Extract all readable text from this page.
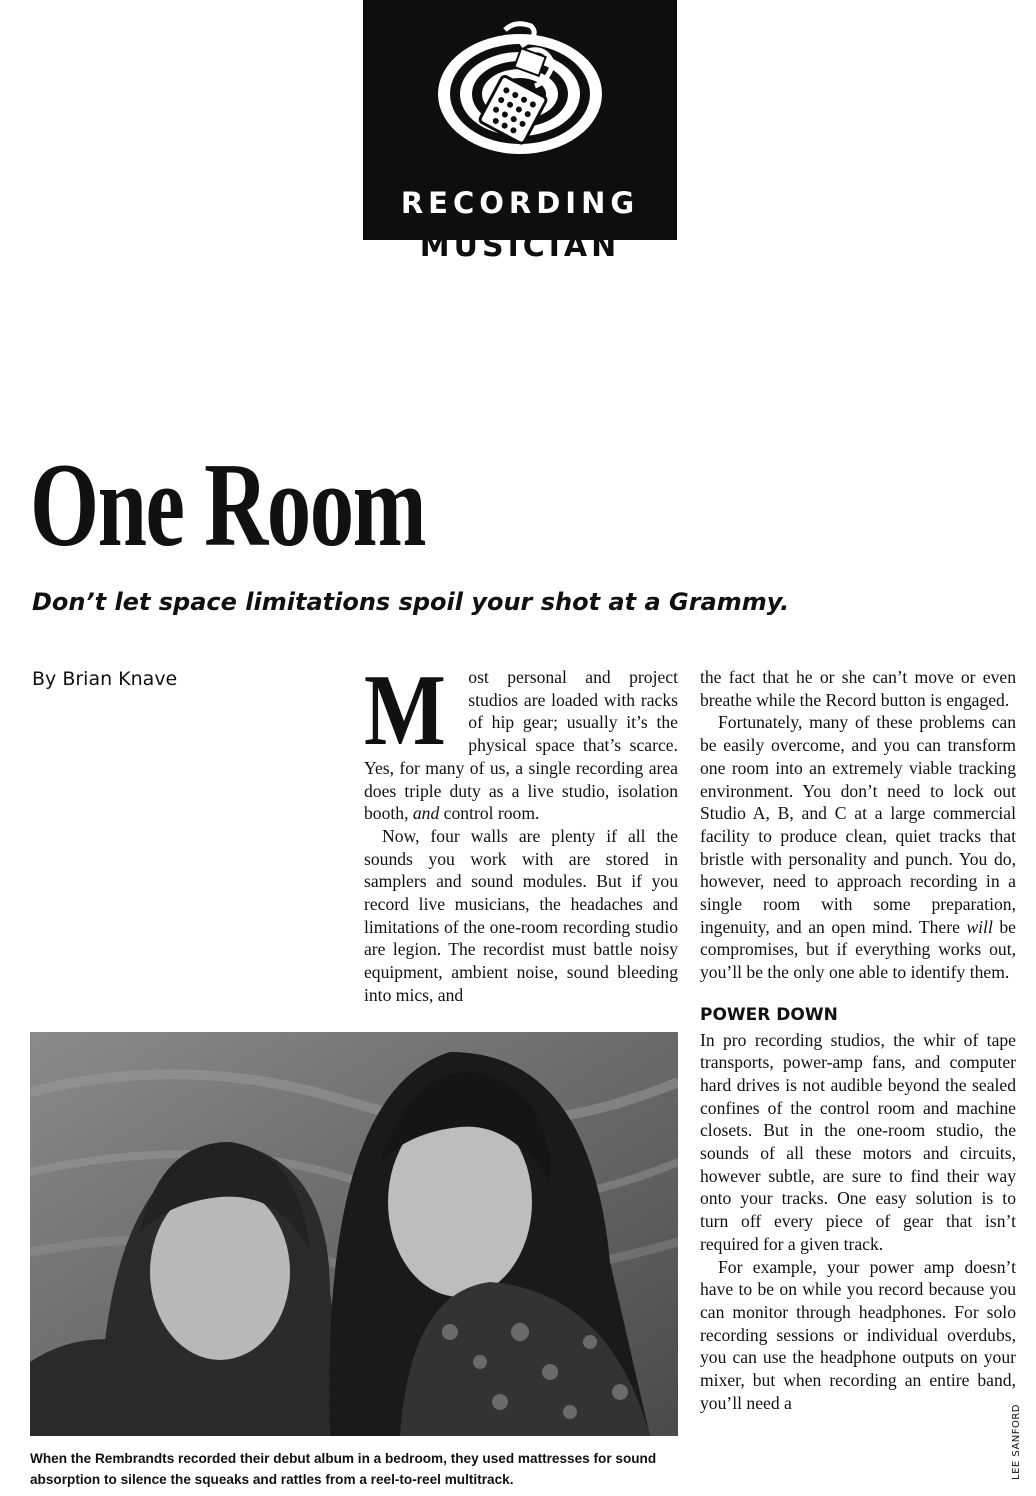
RECORDING
MUSICIAN
One Room
Don’t let space limitations spoil your shot at a Grammy.
By Brian Knave M ost personal and project studios are loaded with racks of hip gear; usually it’s the physical space that’s scarce. Yes, for many of us, a single recording area does triple duty as a live studio, isolation booth, and control room.

Now, four walls are plenty if all the sounds you work with are stored in samplers and sound modules. But if you record live musicians, the headaches and limitations of the one-room recording studio are legion. The recordist must battle noisy equipment, ambient noise, sound bleeding into mics, and

the fact that he or she can’t move or even breathe while the Record button is engaged.

Fortunately, many of these problems can be easily overcome, and you can transform one room into an extremely viable tracking environment. You don’t need to lock out Studio A, B, and C at a large commercial facility to produce clean, quiet tracks that bristle with personality and punch. You do, however, need to approach recording in a single room with some preparation, ingenuity, and an open mind. There will be compromises, but if everything works out, you’ll be the only one able to identify them.

POWER DOWN

In pro recording studios, the whir of tape transports, power-amp fans, and computer hard drives is not audible beyond the sealed confines of the control room and machine closets. But in the one-room studio, the sounds of all these motors and circuits, however subtle, are sure to find their way onto your tracks. One easy solution is to turn off every piece of gear that isn’t required for a given track.

For example, your power amp doesn’t have to be on while you record because you can monitor through headphones. For solo recording sessions or individual overdubs, you can use the headphone outputs on your mixer, but when recording an entire band, you’ll need a

When the Rembrandts recorded their debut album in a bedroom, they used mattresses for sound absorption to silence the squeaks and rattles from a reel-to-reel multitrack.	LEE SANFORD
